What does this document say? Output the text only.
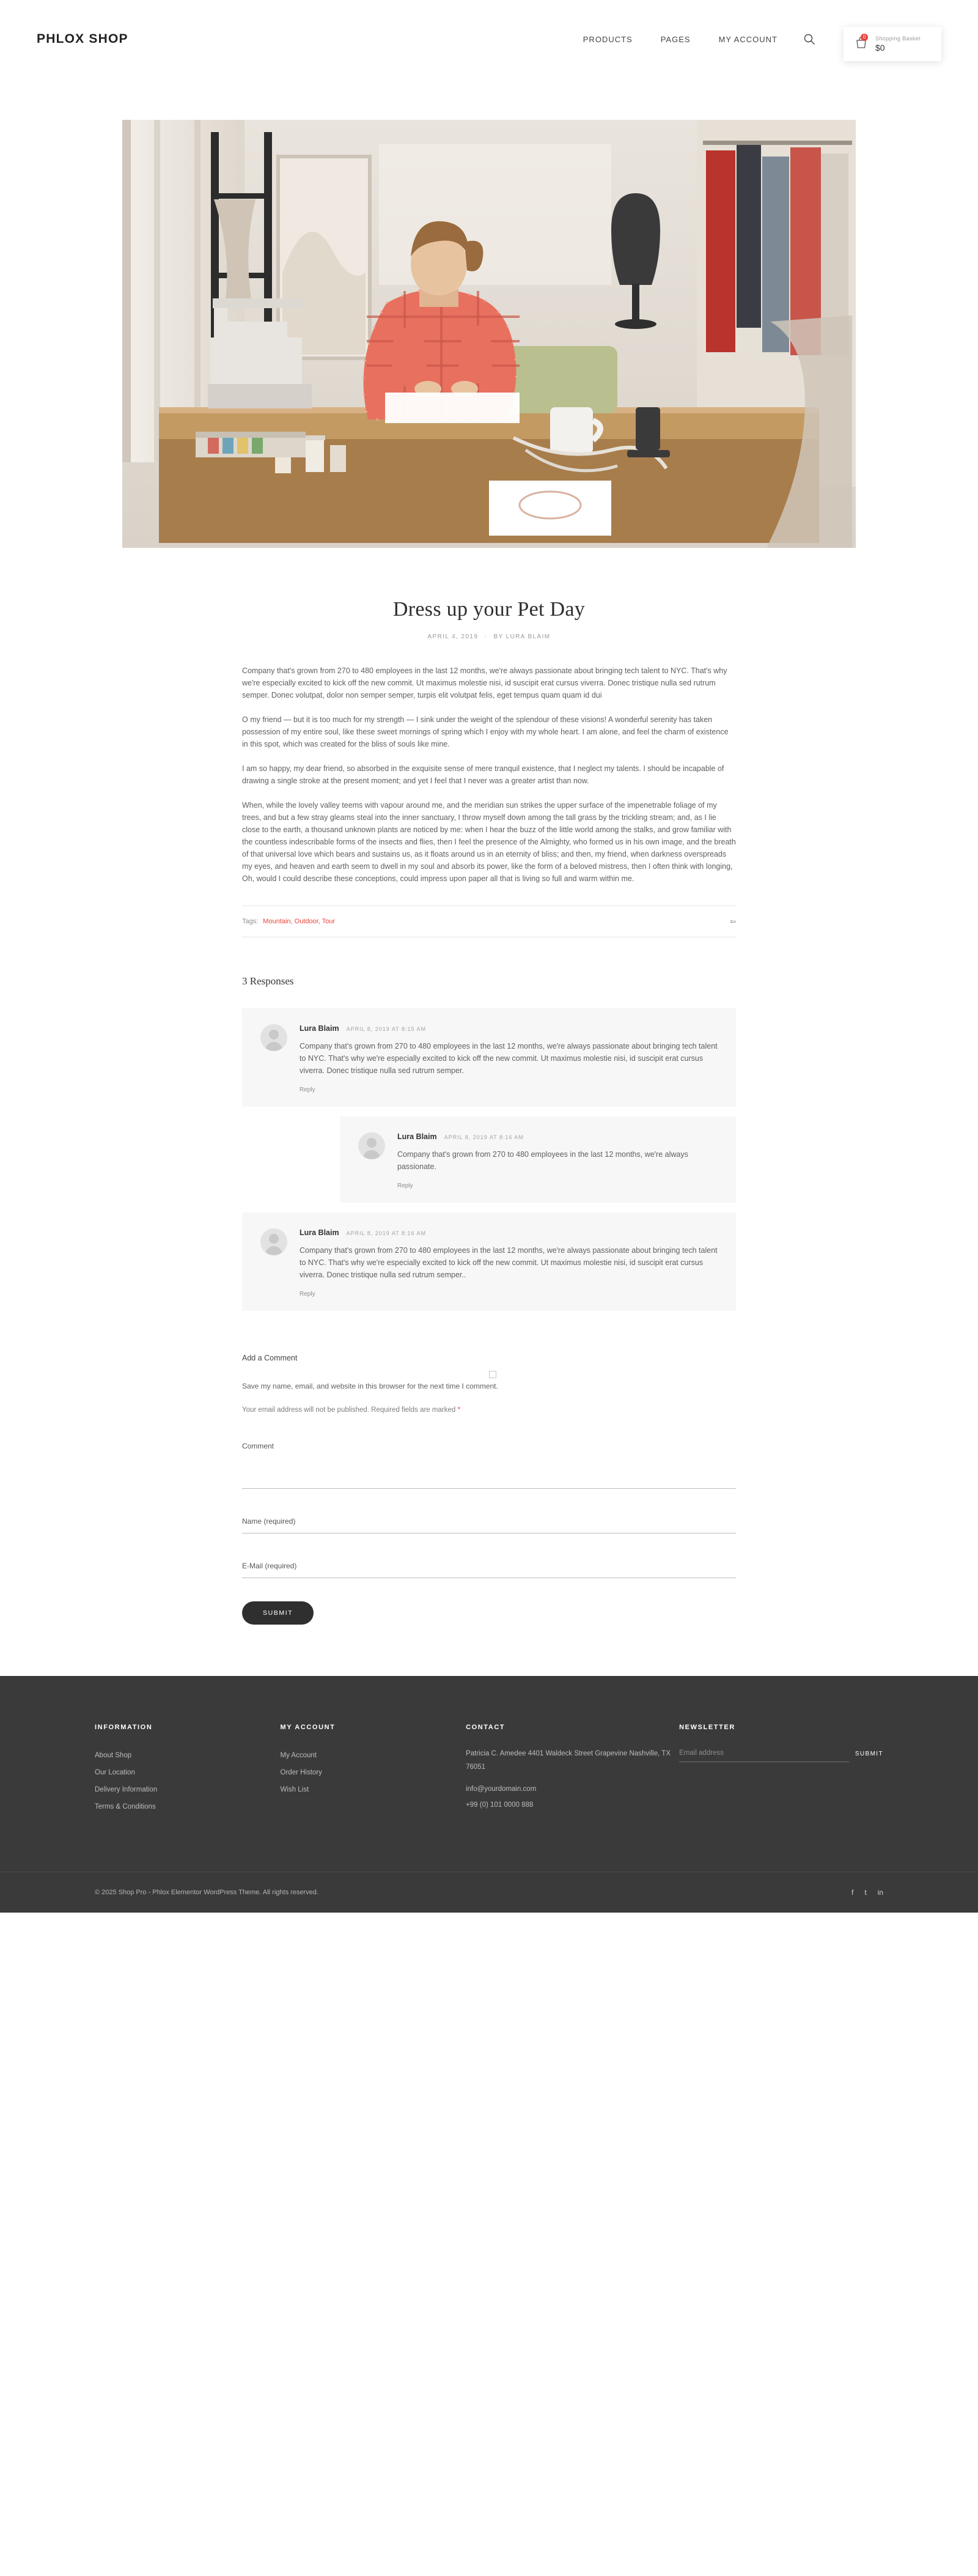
PHLOX SHOP	PRODUCTS	PAGES	MY ACCOUNT	0	Shopping Basket
$0
Dress up your Pet Day
APRIL 4, 2019 · BY LURA BLAIM

Company that's grown from 270 to 480 employees in the last 12 months, we're always passionate about bringing tech talent to NYC. That's why we're especially excited to kick off the new commit. Ut maximus molestie nisi, id suscipit erat cursus viverra. Donec tristique nulla sed rutrum semper. Donec volutpat, dolor non semper semper, turpis elit volutpat felis, eget tempus quam quam id dui

O my friend — but it is too much for my strength — I sink under the weight of the splendour of these visions! A wonderful serenity has taken possession of my entire soul, like these sweet mornings of spring which I enjoy with my whole heart. I am alone, and feel the charm of existence in this spot, which was created for the bliss of souls like mine.

I am so happy, my dear friend, so absorbed in the exquisite sense of mere tranquil existence, that I neglect my talents. I should be incapable of drawing a single stroke at the present moment; and yet I feel that I never was a greater artist than now.

When, while the lovely valley teems with vapour around me, and the meridian sun strikes the upper surface of the impenetrable foliage of my trees, and but a few stray gleams steal into the inner sanctuary, I throw myself down among the tall grass by the trickling stream; and, as I lie close to the earth, a thousand unknown plants are noticed by me: when I hear the buzz of the little world among the stalks, and grow familiar with the countless indescribable forms of the insects and flies, then I feel the presence of the Almighty, who formed us in his own image, and the breath of that universal love which bears and sustains us, as it floats around us in an eternity of bliss; and then, my friend, when darkness overspreads my eyes, and heaven and earth seem to dwell in my soul and absorb its power, like the form of a beloved mistress, then I often think with longing, Oh, would I could describe these conceptions, could impress upon paper all that is living so full and warm within me.

Tags: Mountain, Outdoor, Tour	⇦
3 Responses
Lura Blaim APRIL 8, 2019 AT 8:15 AM
Company that's grown from 270 to 480 employees in the last 12 months, we're always passionate about bringing tech talent to NYC. That's why we're especially excited to kick off the new commit. Ut maximus molestie nisi, id suscipit erat cursus viverra. Donec tristique nulla sed rutrum semper.
Reply
Lura Blaim APRIL 8, 2019 AT 8:16 AM
Company that's grown from 270 to 480 employees in the last 12 months, we're always passionate.
Reply
Lura Blaim APRIL 8, 2019 AT 8:16 AM
Company that's grown from 270 to 480 employees in the last 12 months, we're always passionate about bringing tech talent to NYC. That's why we're especially excited to kick off the new commit. Ut maximus molestie nisi, id suscipit erat cursus viverra. Donec tristique nulla sed rutrum semper..
Reply
Add a Comment
Save my name, email, and website in this browser for the next time I comment.
Your email address will not be published. Required fields are marked *
Comment
Name (required)
E-Mail (required)
SUBMIT
INFORMATION
About Shop
Our Location
Delivery Information
Terms & Conditions
MY ACCOUNT
My Account
Order History
Wish List
CONTACT

Patricia C. Amedee 4401 Waldeck Street Grapevine Nashville, TX 76051

info@yourdomain.com

+99 (0) 101 0000 888

NEWSLETTER
Email address
SUBMIT
© 2025 Shop Pro - Phlox Elementor WordPress Theme. All rights reserved.	f t in
